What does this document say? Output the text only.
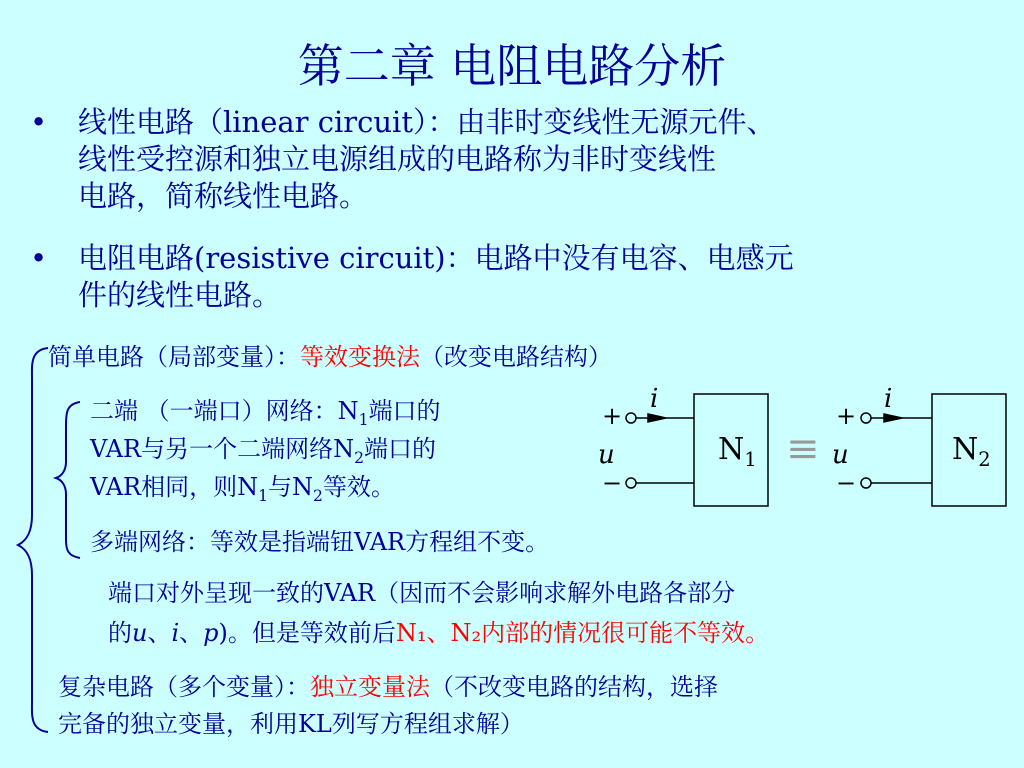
第二章 电阻电路分析
• 线性电路（linear circuit）：由非时变线性无源元件、
线性受控源和独立电源组成的电路称为非时变线性
电路，简称线性电路。
• 电阻电路(resistive circuit)：电路中没有电容、电感元
件的线性电路。
i
+
u
−
$N_1$ ≡
i
+
u
−
$N_2$
简单电路（局部变量）：等效变换法（改变电路结构）
二端 （一端口）网络：$N_1$端口的
VAR与另一个二端网络$N_2$端口的
VAR相同，则$N_1$与$N_2$等效。
多端网络：等效是指端钮VAR方程组不变。
端口对外呈现一致的VAR（因而不会影响求解外电路各部分
的u、i、p)。但是等效前后N₁、N₂内部的情况很可能不等效。
复杂电路（多个变量）：独立变量法（不改变电路的结构，选择
完备的独立变量，利用KL列写方程组求解）
